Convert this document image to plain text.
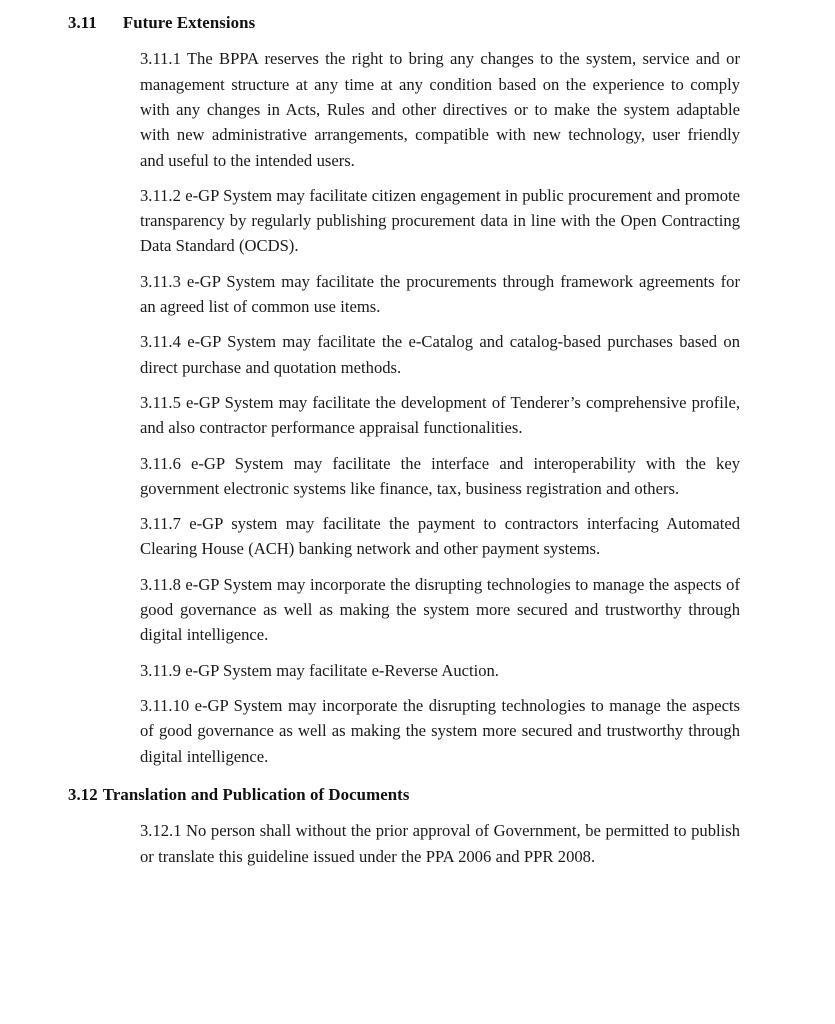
3.11 Future Extensions

3.11.1 The BPPA reserves the right to bring any changes to the system, service and or management structure at any time at any condition based on the experience to comply with any changes in Acts, Rules and other directives or to make the system adaptable with new administrative arrangements, compatible with new technology, user friendly and useful to the intended users.

3.11.2 e-GP System may facilitate citizen engagement in public procurement and promote transparency by regularly publishing procurement data in line with the Open Contracting Data Standard (OCDS).

3.11.3 e-GP System may facilitate the procurements through framework agreements for an agreed list of common use items.

3.11.4 e-GP System may facilitate the e-Catalog and catalog-based purchases based on direct purchase and quotation methods.

3.11.5 e-GP System may facilitate the development of Tenderer’s comprehensive profile, and also contractor performance appraisal functionalities.

3.11.6 e-GP System may facilitate the interface and interoperability with the key government electronic systems like finance, tax, business registration and others.

3.11.7 e-GP system may facilitate the payment to contractors interfacing Automated Clearing House (ACH) banking network and other payment systems.

3.11.8 e-GP System may incorporate the disrupting technologies to manage the aspects of good governance as well as making the system more secured and trustworthy through digital intelligence.

3.11.9 e-GP System may facilitate e-Reverse Auction.

3.11.10 e-GP System may incorporate the disrupting technologies to manage the aspects of good governance as well as making the system more secured and trustworthy through digital intelligence.

3.12 Translation and Publication of Documents

3.12.1 No person shall without the prior approval of Government, be permitted to publish or translate this guideline issued under the PPA 2006 and PPR 2008.
